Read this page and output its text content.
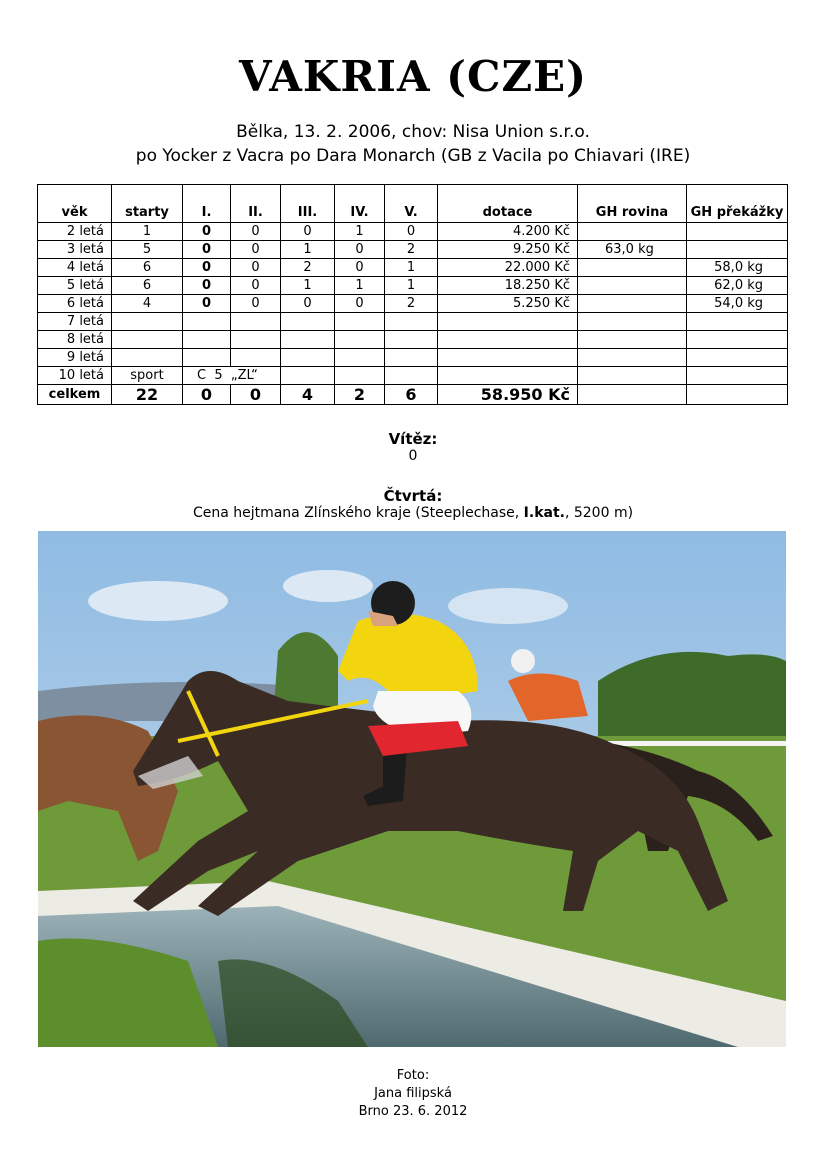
VAKRIA (CZE)
Bělka, 13. 2. 2006, chov: Nisa Union s.r.o.
po Yocker z Vacra po Dara Monarch (GB z Vacila po Chiavari (IRE)
věk	starty	I.	II.	III.	IV.	V.	dotace	GH rovina	GH překážky
2 letá	1	0	0	0	1	0	4.200 Kč		
3 letá	5	0	0	1	0	2	9.250 Kč	63,0 kg	
4 letá	6	0	0	2	0	1	22.000 Kč		58,0 kg
5 letá	6	0	0	1	1	1	18.250 Kč		62,0 kg
6 letá	4	0	0	0	0	2	5.250 Kč		54,0 kg
7 letá									
8 letá									
9 letá									
10 letá	sport	C  5  „ZL“							
celkem	22	0	0	4	2	6	58.950 Kč		
Vítěz:
0
Čtvrtá:
Cena hejtmana Zlínského kraje (Steeplechase, I.kat., 5200 m)
Foto:
Jana filipská
Brno 23. 6. 2012
